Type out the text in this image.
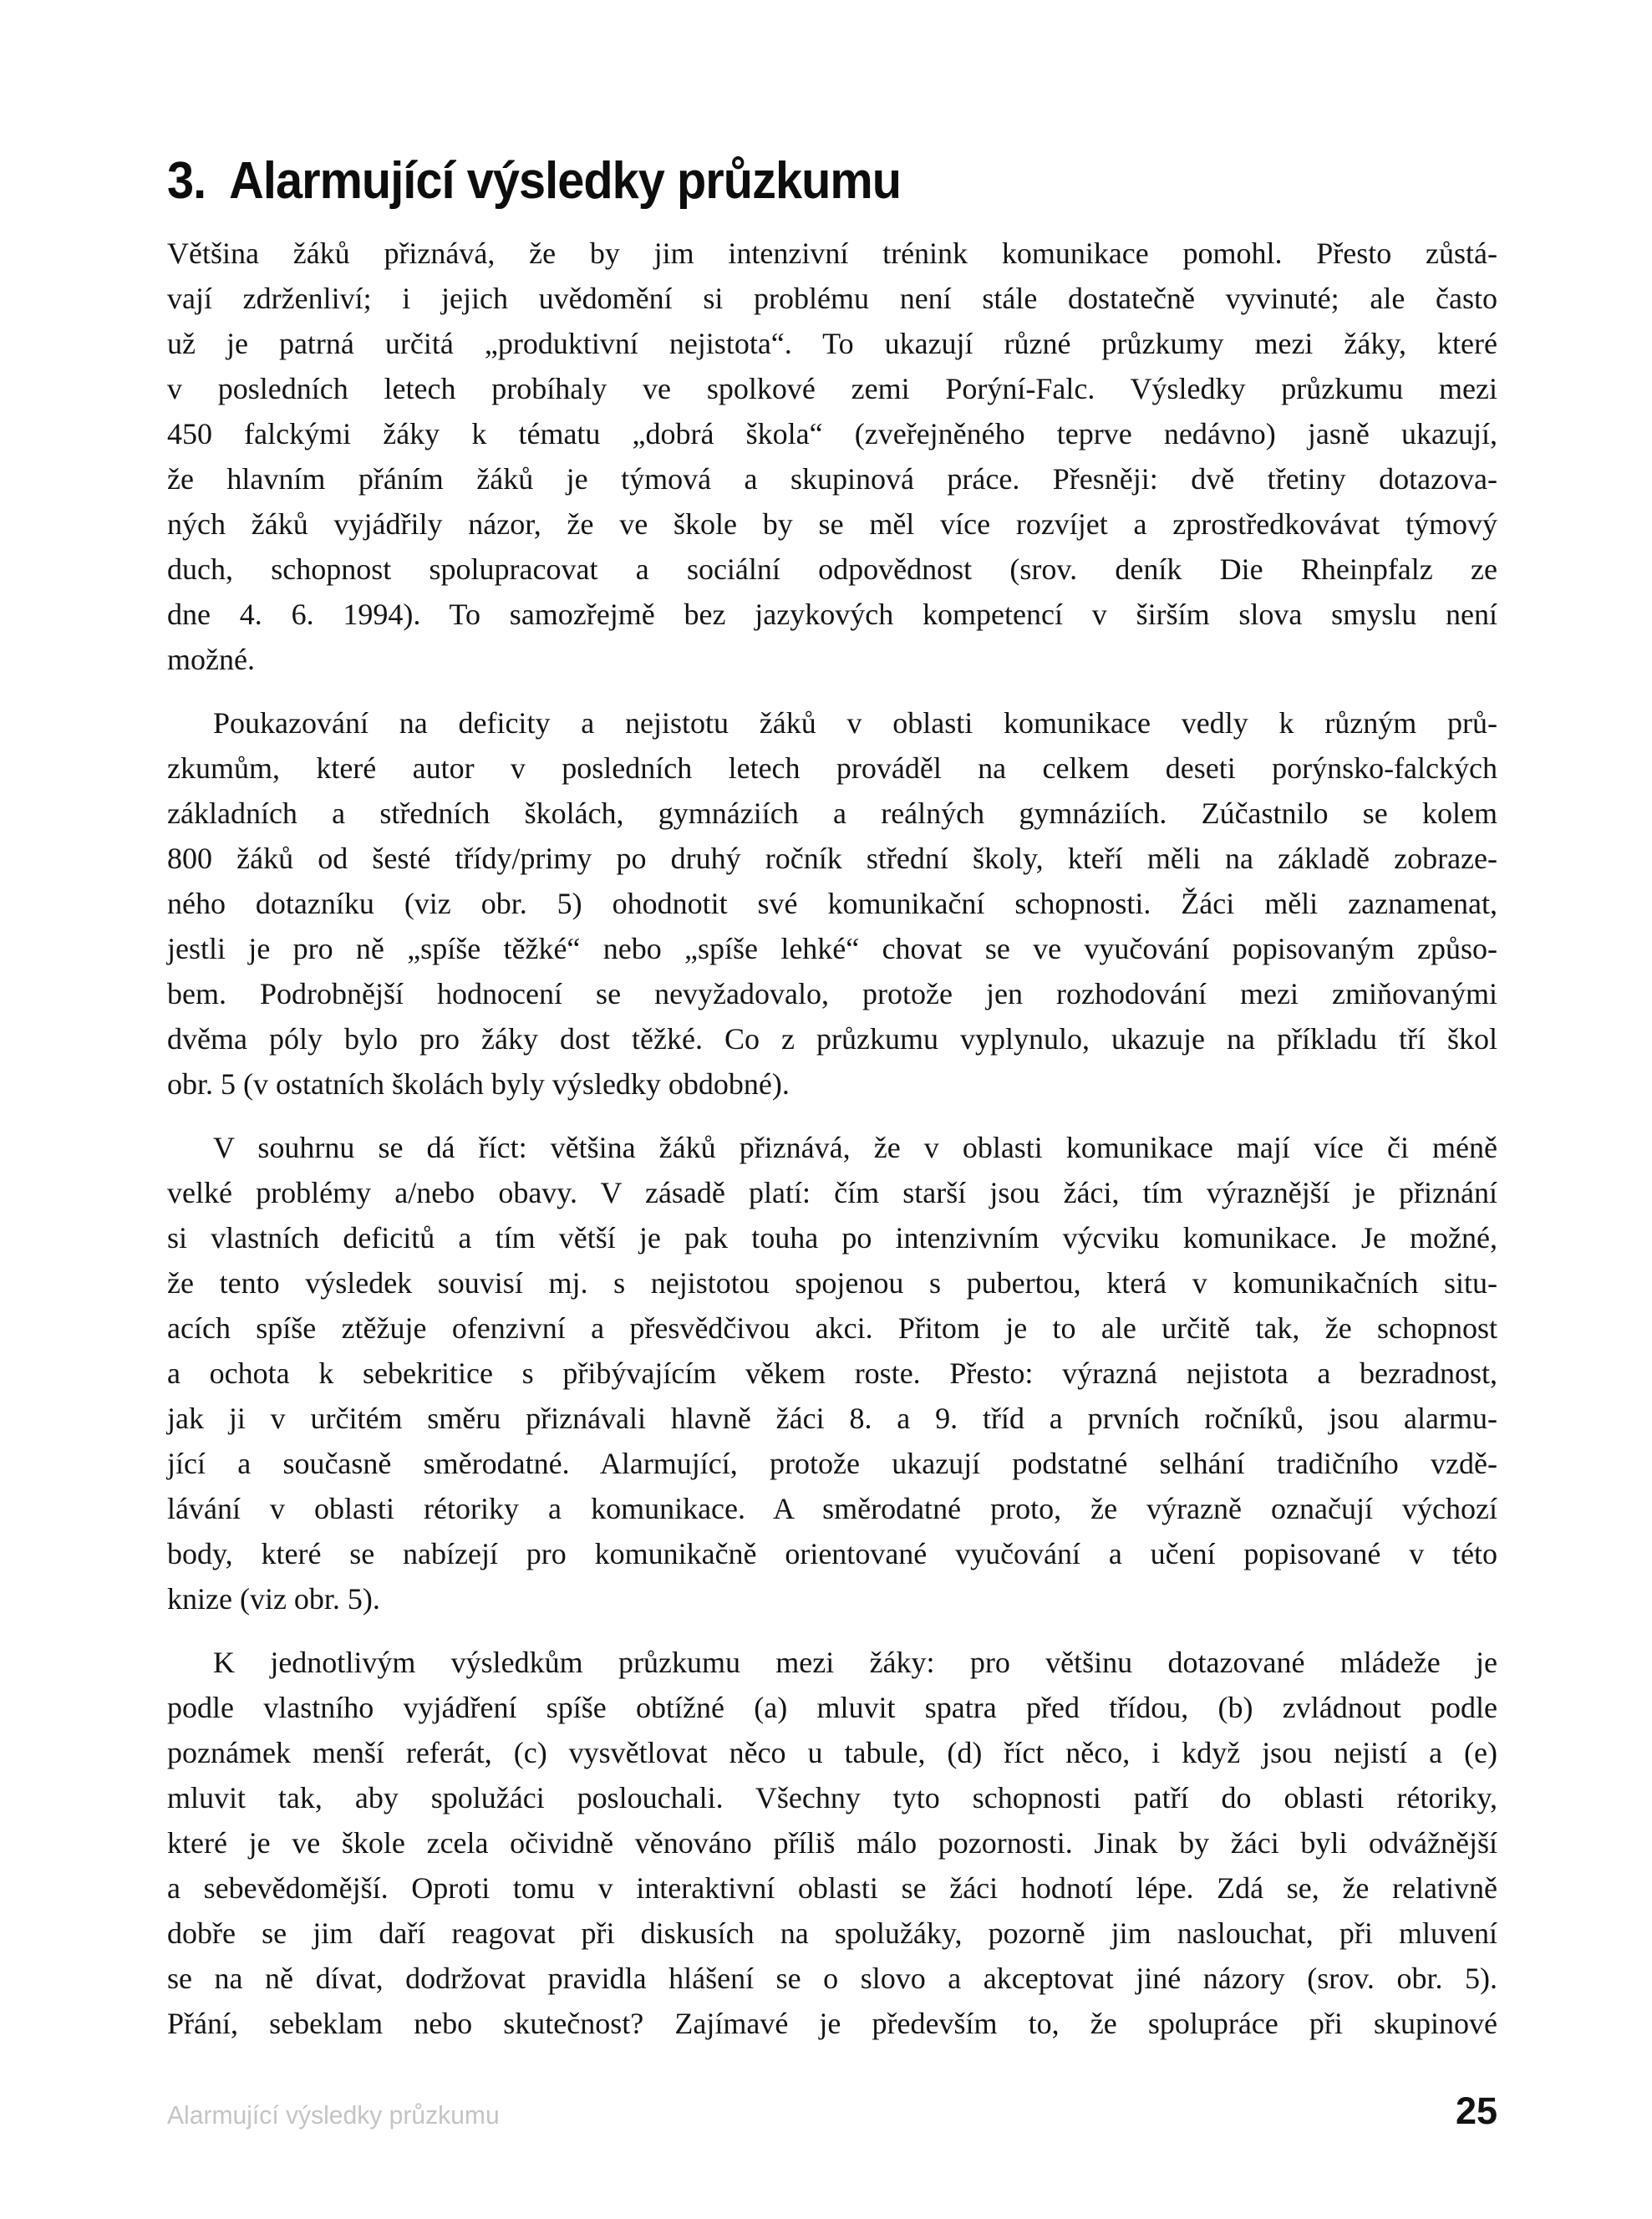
3. Alarmující výsledky průzkumu
Většina žáků přiznává, že by jim intenzivní trénink komunikace pomohl. Přesto zůstá-
vají zdrženliví; i jejich uvědomění si problému není stále dostatečně vyvinuté; ale často
už je patrná určitá „produktivní nejistota“. To ukazují různé průzkumy mezi žáky, které
v posledních letech probíhaly ve spolkové zemi Porýní-Falc. Výsledky průzkumu mezi
450 falckými žáky k tématu „dobrá škola“ (zveřejněného teprve nedávno) jasně ukazují,
že hlavním přáním žáků je týmová a skupinová práce. Přesněji: dvě třetiny dotazova-
ných žáků vyjádřily názor, že ve škole by se měl více rozvíjet a zprostředkovávat týmový
duch, schopnost spolupracovat a sociální odpovědnost (srov. deník Die Rheinpfalz ze
dne 4. 6. 1994). To samozřejmě bez jazykových kompetencí v širším slova smyslu není
možné.
Poukazování na deficity a nejistotu žáků v oblasti komunikace vedly k různým prů-
zkumům, které autor v posledních letech prováděl na celkem deseti porýnsko-falckých
základních a středních školách, gymnáziích a reálných gymnáziích. Zúčastnilo se kolem
800 žáků od šesté třídy/primy po druhý ročník střední školy, kteří měli na základě zobraze-
ného dotazníku (viz obr. 5) ohodnotit své komunikační schopnosti. Žáci měli zaznamenat,
jestli je pro ně „spíše těžké“ nebo „spíše lehké“ chovat se ve vyučování popisovaným způso-
bem. Podrobnější hodnocení se nevyžadovalo, protože jen rozhodování mezi zmiňovanými
dvěma póly bylo pro žáky dost těžké. Co z průzkumu vyplynulo, ukazuje na příkladu tří škol
obr. 5 (v ostatních školách byly výsledky obdobné).
V souhrnu se dá říct: většina žáků přiznává, že v oblasti komunikace mají více či méně
velké problémy a/nebo obavy. V zásadě platí: čím starší jsou žáci, tím výraznější je přiznání
si vlastních deficitů a tím větší je pak touha po intenzivním výcviku komunikace. Je možné,
že tento výsledek souvisí mj. s nejistotou spojenou s pubertou, která v komunikačních situ-
acích spíše ztěžuje ofenzivní a přesvědčivou akci. Přitom je to ale určitě tak, že schopnost
a ochota k sebekritice s přibývajícím věkem roste. Přesto: výrazná nejistota a bezradnost,
jak ji v určitém směru přiznávali hlavně žáci 8. a 9. tříd a prvních ročníků, jsou alarmu-
jící a současně směrodatné. Alarmující, protože ukazují podstatné selhání tradičního vzdě-
lávání v oblasti rétoriky a komunikace. A směrodatné proto, že výrazně označují výchozí
body, které se nabízejí pro komunikačně orientované vyučování a učení popisované v této
knize (viz obr. 5).
K jednotlivým výsledkům průzkumu mezi žáky: pro většinu dotazované mládeže je
podle vlastního vyjádření spíše obtížné (a) mluvit spatra před třídou, (b) zvládnout podle
poznámek menší referát, (c) vysvětlovat něco u tabule, (d) říct něco, i když jsou nejistí a (e)
mluvit tak, aby spolužáci poslouchali. Všechny tyto schopnosti patří do oblasti rétoriky,
které je ve škole zcela očividně věnováno příliš málo pozornosti. Jinak by žáci byli odvážnější
a sebevědomější. Oproti tomu v interaktivní oblasti se žáci hodnotí lépe. Zdá se, že relativně
dobře se jim daří reagovat při diskusích na spolužáky, pozorně jim naslouchat, při mluvení
se na ně dívat, dodržovat pravidla hlášení se o slovo a akceptovat jiné názory (srov. obr. 5).
Přání, sebeklam nebo skutečnost? Zajímavé je především to, že spolupráce při skupinové
Alarmující výsledky průzkumu	25
